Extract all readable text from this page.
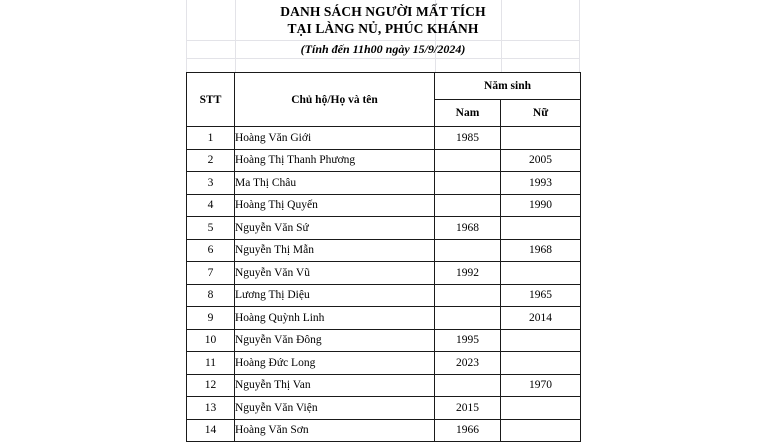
DANH SÁCH NGƯỜI MẤT TÍCH
TẠI LÀNG NỦ, PHÚC KHÁNH
(Tính đến 11h00 ngày 15/9/2024)
STT	Chủ hộ/Họ và tên	Năm sinh	
		Nam	Nữ
1	Hoàng Văn Giới	1985	
2	Hoàng Thị Thanh Phương		2005
3	Ma Thị Châu		1993
4	Hoàng Thị Quyến		1990
5	Nguyễn Văn Sứ	1968	
6	Nguyễn Thị Mẫn		1968
7	Nguyễn Văn Vũ	1992	
8	Lương Thị Diệu		1965
9	Hoàng Quỳnh Linh		2014
10	Nguyễn Văn Đông	1995	
11	Hoàng Đức Long	2023	
12	Nguyễn Thị Van		1970
13	Nguyễn Văn Viện	2015	
14	Hoàng Văn Sơn	1966	
